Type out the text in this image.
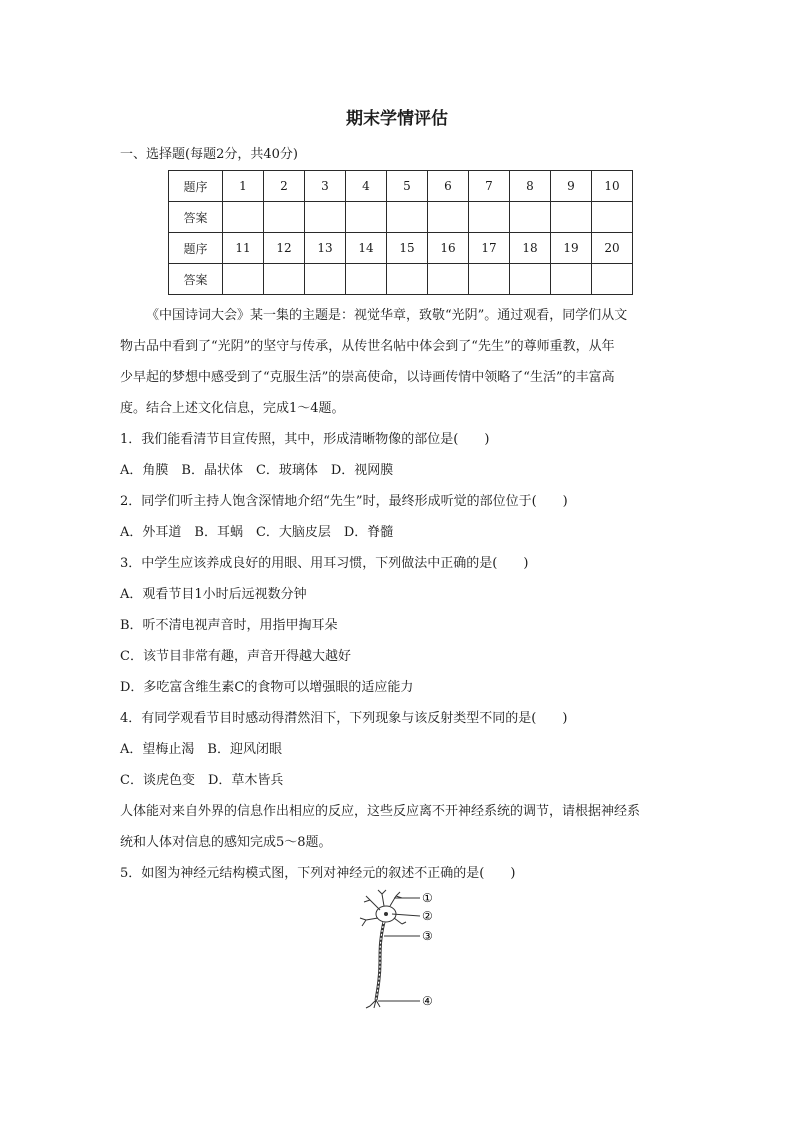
期末学情评估
一、选择题(每题2分，共40分)
题序	1	2	3	4	5	6	7	8	9	10
答案										
题序	11	12	13	14	15	16	17	18	19	20
答案										
《中国诗词大会》某一集的主题是：视觉华章，致敬“光阴”。通过观看，同学们从文
物古品中看到了“光阴”的坚守与传承，从传世名帖中体会到了“先生”的尊师重教，从年
少早起的梦想中感受到了“克服生活”的崇高使命，以诗画传情中领略了“生活”的丰富高
度。结合上述文化信息，完成1～4题。
1．我们能看清节目宣传照，其中，形成清晰物像的部位是(　　)
A．角膜　B．晶状体　C．玻璃体　D．视网膜
2．同学们听主持人饱含深情地介绍“先生”时，最终形成听觉的部位位于(　　)
A．外耳道　B．耳蜗　C．大脑皮层　D．脊髓
3．中学生应该养成良好的用眼、用耳习惯，下列做法中正确的是(　　)
A．观看节目1小时后远视数分钟
B．听不清电视声音时，用指甲掏耳朵
C．该节目非常有趣，声音开得越大越好
D．多吃富含维生素C的食物可以增强眼的适应能力
4．有同学观看节目时感动得潸然泪下，下列现象与该反射类型不同的是(　　)
A．望梅止渴　B．迎风闭眼
C．谈虎色变　D．草木皆兵
人体能对来自外界的信息作出相应的反应，这些反应离不开神经系统的调节，请根据神经系
统和人体对信息的感知完成5～8题。
5．如图为神经元结构模式图，下列对神经元的叙述不正确的是(　　)
①
②
③
④
